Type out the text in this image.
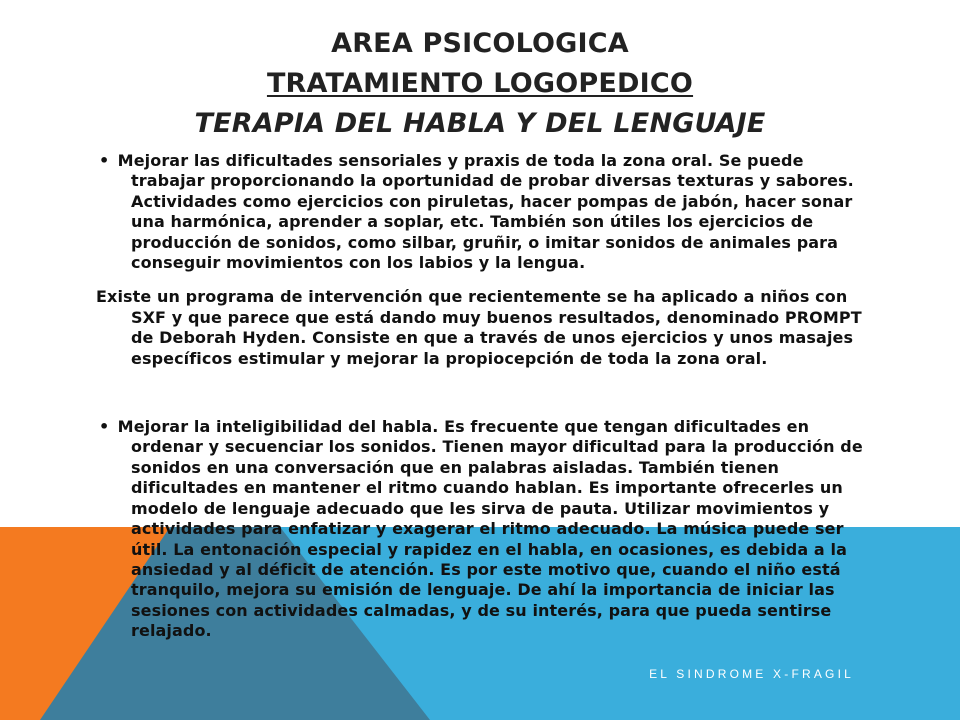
AREA PSICOLOGICA
TRATAMIENTO LOGOPEDICO
TERAPIA DEL HABLA Y DEL LENGUAJE

• Mejorar las dificultades sensoriales y praxis de toda la zona oral. Se puede trabajar proporcionando la oportunidad de probar diversas texturas y sabores. Actividades como ejercicios con piruletas, hacer pompas de jabón, hacer sonar una harmónica, aprender a soplar, etc. También son útiles los ejercicios de producción de sonidos, como silbar, gruñir, o imitar sonidos de animales para conseguir movimientos con los labios y la lengua.

Existe un programa de intervención que recientemente se ha aplicado a niños con SXF y que parece que está dando muy buenos resultados, denominado PROMPT de Deborah Hyden. Consiste en que a través de unos ejercicios y unos masajes específicos estimular y mejorar la propiocepción de toda la zona oral.

• Mejorar la inteligibilidad del habla. Es frecuente que tengan dificultades en ordenar y secuenciar los sonidos. Tienen mayor dificultad para la producción de sonidos en una conversación que en palabras aisladas. También tienen dificultades en mantener el ritmo cuando hablan. Es importante ofrecerles un modelo de lenguaje adecuado que les sirva de pauta. Utilizar movimientos y actividades para enfatizar y exagerar el ritmo adecuado. La música puede ser útil. La entonación especial y rapidez en el habla, en ocasiones, es debida a la ansiedad y al déficit de atención. Es por este motivo que, cuando el niño está tranquilo, mejora su emisión de lenguaje. De ahí la importancia de iniciar las sesiones con actividades calmadas, y de su interés, para que pueda sentirse relajado.

EL SINDROME X-FRAGIL
